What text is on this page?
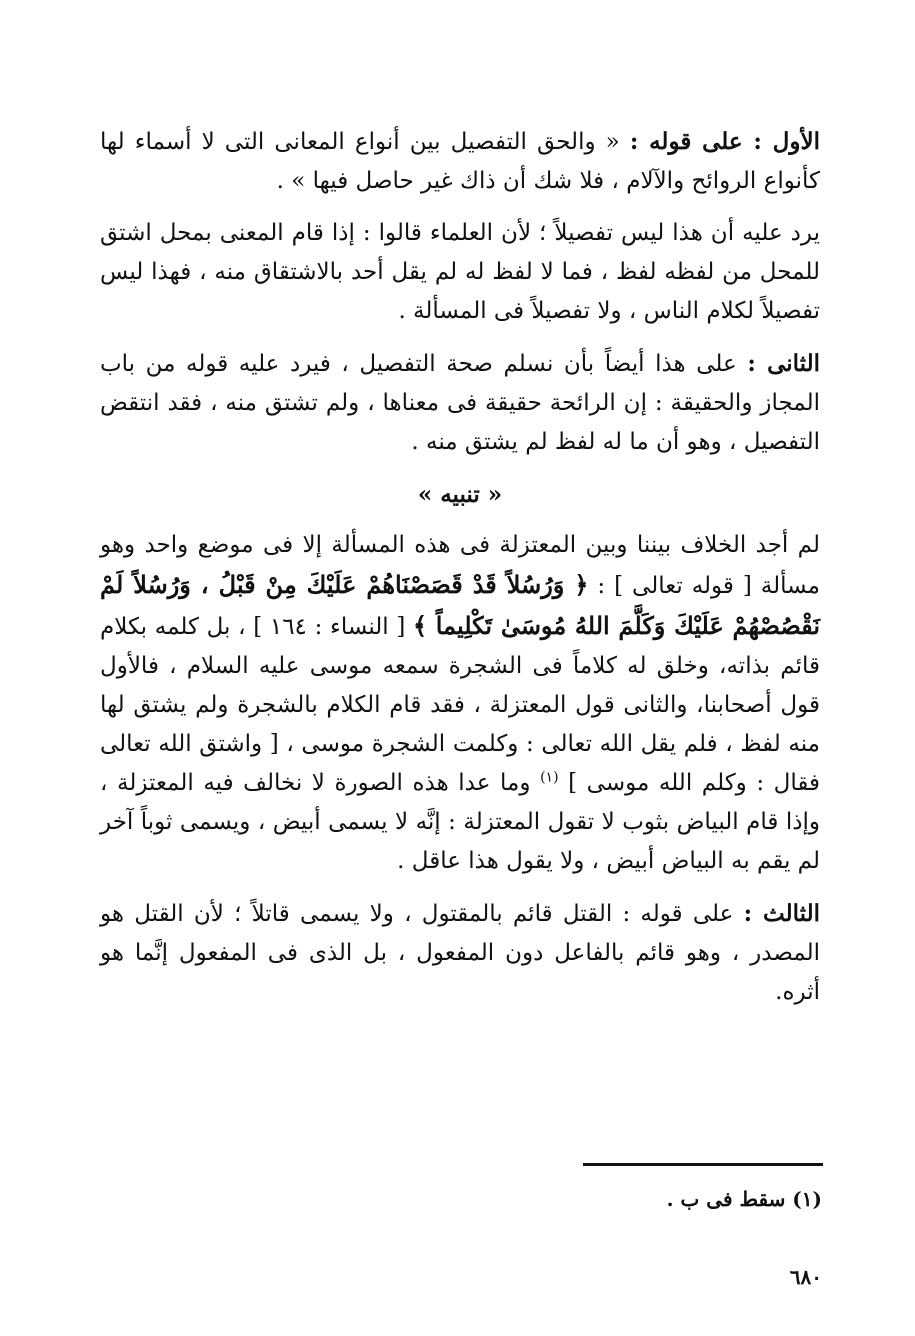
الأول : على قوله : « والحق التفصيل بين أنواع المعانى التى لا أسماء لها كأنواع الروائح والآلام ، فلا شك أن ذاك غير حاصل فيها » .

يرد عليه أن هذا ليس تفصيلاً ؛ لأن العلماء قالوا : إذا قام المعنى بمحل اشتق للمحل من لفظه لفظ ، فما لا لفظ له لم يقل أحد بالاشتقاق منه ، فهذا ليس تفصيلاً لكلام الناس ، ولا تفصيلاً فى المسألة .

الثانى : على هذا أيضاً بأن نسلم صحة التفصيل ، فيرد عليه قوله من باب المجاز والحقيقة : إن الرائحة حقيقة فى معناها ، ولم تشتق منه ، فقد انتقض التفصيل ، وهو أن ما له لفظ لم يشتق منه .

« تنبيه »

لم أجد الخلاف بيننا وبين المعتزلة فى هذه المسألة إلا فى موضع واحد وهو مسألة [ قوله تعالى ] : ﴿ وَرُسُلاً قَدْ قَصَصْنَاهُمْ عَلَيْكَ مِنْ قَبْلُ ، وَرُسُلاً لَمْ نَقْصُصْهُمْ عَلَيْكَ وَكَلَّمَ اللهُ مُوسَىٰ تَكْلِيماً ﴾ [ النساء : ١٦٤ ] ، بل كلمه بكلام قائم بذاته، وخلق له كلاماً فى الشجرة سمعه موسى عليه السلام ، فالأول قول أصحابنا، والثانى قول المعتزلة ، فقد قام الكلام بالشجرة ولم يشتق لها منه لفظ ، فلم يقل الله تعالى : وكلمت الشجرة موسى ، [ واشتق الله تعالى فقال : وكلم الله موسى ] $^{(١)}$ وما عدا هذه الصورة لا نخالف فيه المعتزلة ، وإذا قام البياض بثوب لا تقول المعتزلة : إنَّه لا يسمى أبيض ، ويسمى ثوباً آخر لم يقم به البياض أبيض ، ولا يقول هذا عاقل .

الثالث : على قوله : القتل قائم بالمقتول ، ولا يسمى قاتلاً ؛ لأن القتل هو المصدر ، وهو قائم بالفاعل دون المفعول ، بل الذى فى المفعول إنَّما هو أثره.

(١) سقط فى ب .
٦٨٠
